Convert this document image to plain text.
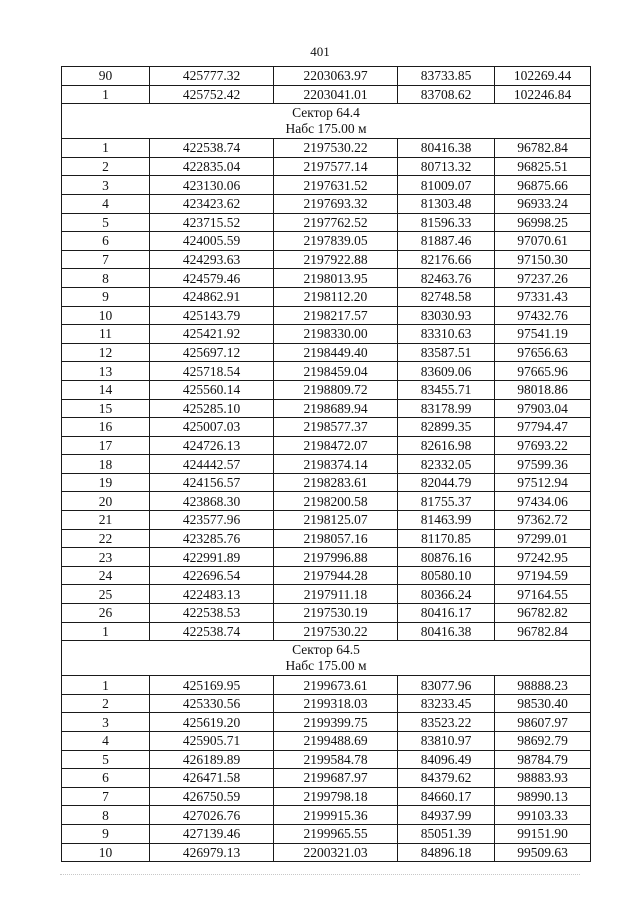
401
90	425777.32	2203063.97	83733.85	102269.44
1	425752.42	2203041.01	83708.62	102246.84

Сектор 64.4
Набс 175.00 м				

1	422538.74	2197530.22	80416.38	96782.84
2	422835.04	2197577.14	80713.32	96825.51
3	423130.06	2197631.52	81009.07	96875.66
4	423423.62	2197693.32	81303.48	96933.24
5	423715.52	2197762.52	81596.33	96998.25
6	424005.59	2197839.05	81887.46	97070.61
7	424293.63	2197922.88	82176.66	97150.30
8	424579.46	2198013.95	82463.76	97237.26
9	424862.91	2198112.20	82748.58	97331.43
10	425143.79	2198217.57	83030.93	97432.76
11	425421.92	2198330.00	83310.63	97541.19
12	425697.12	2198449.40	83587.51	97656.63
13	425718.54	2198459.04	83609.06	97665.96
14	425560.14	2198809.72	83455.71	98018.86
15	425285.10	2198689.94	83178.99	97903.04
16	425007.03	2198577.37	82899.35	97794.47
17	424726.13	2198472.07	82616.98	97693.22
18	424442.57	2198374.14	82332.05	97599.36
19	424156.57	2198283.61	82044.79	97512.94
20	423868.30	2198200.58	81755.37	97434.06
21	423577.96	2198125.07	81463.99	97362.72
22	423285.76	2198057.16	81170.85	97299.01
23	422991.89	2197996.88	80876.16	97242.95
24	422696.54	2197944.28	80580.10	97194.59
25	422483.13	2197911.18	80366.24	97164.55
26	422538.53	2197530.19	80416.17	96782.82
1	422538.74	2197530.22	80416.38	96782.84

Сектор 64.5
Набс 175.00 м				

1	425169.95	2199673.61	83077.96	98888.23
2	425330.56	2199318.03	83233.45	98530.40
3	425619.20	2199399.75	83523.22	98607.97
4	425905.71	2199488.69	83810.97	98692.79
5	426189.89	2199584.78	84096.49	98784.79
6	426471.58	2199687.97	84379.62	98883.93
7	426750.59	2199798.18	84660.17	98990.13
8	427026.76	2199915.36	84937.99	99103.33
9	427139.46	2199965.55	85051.39	99151.90
10	426979.13	2200321.03	84896.18	99509.63
